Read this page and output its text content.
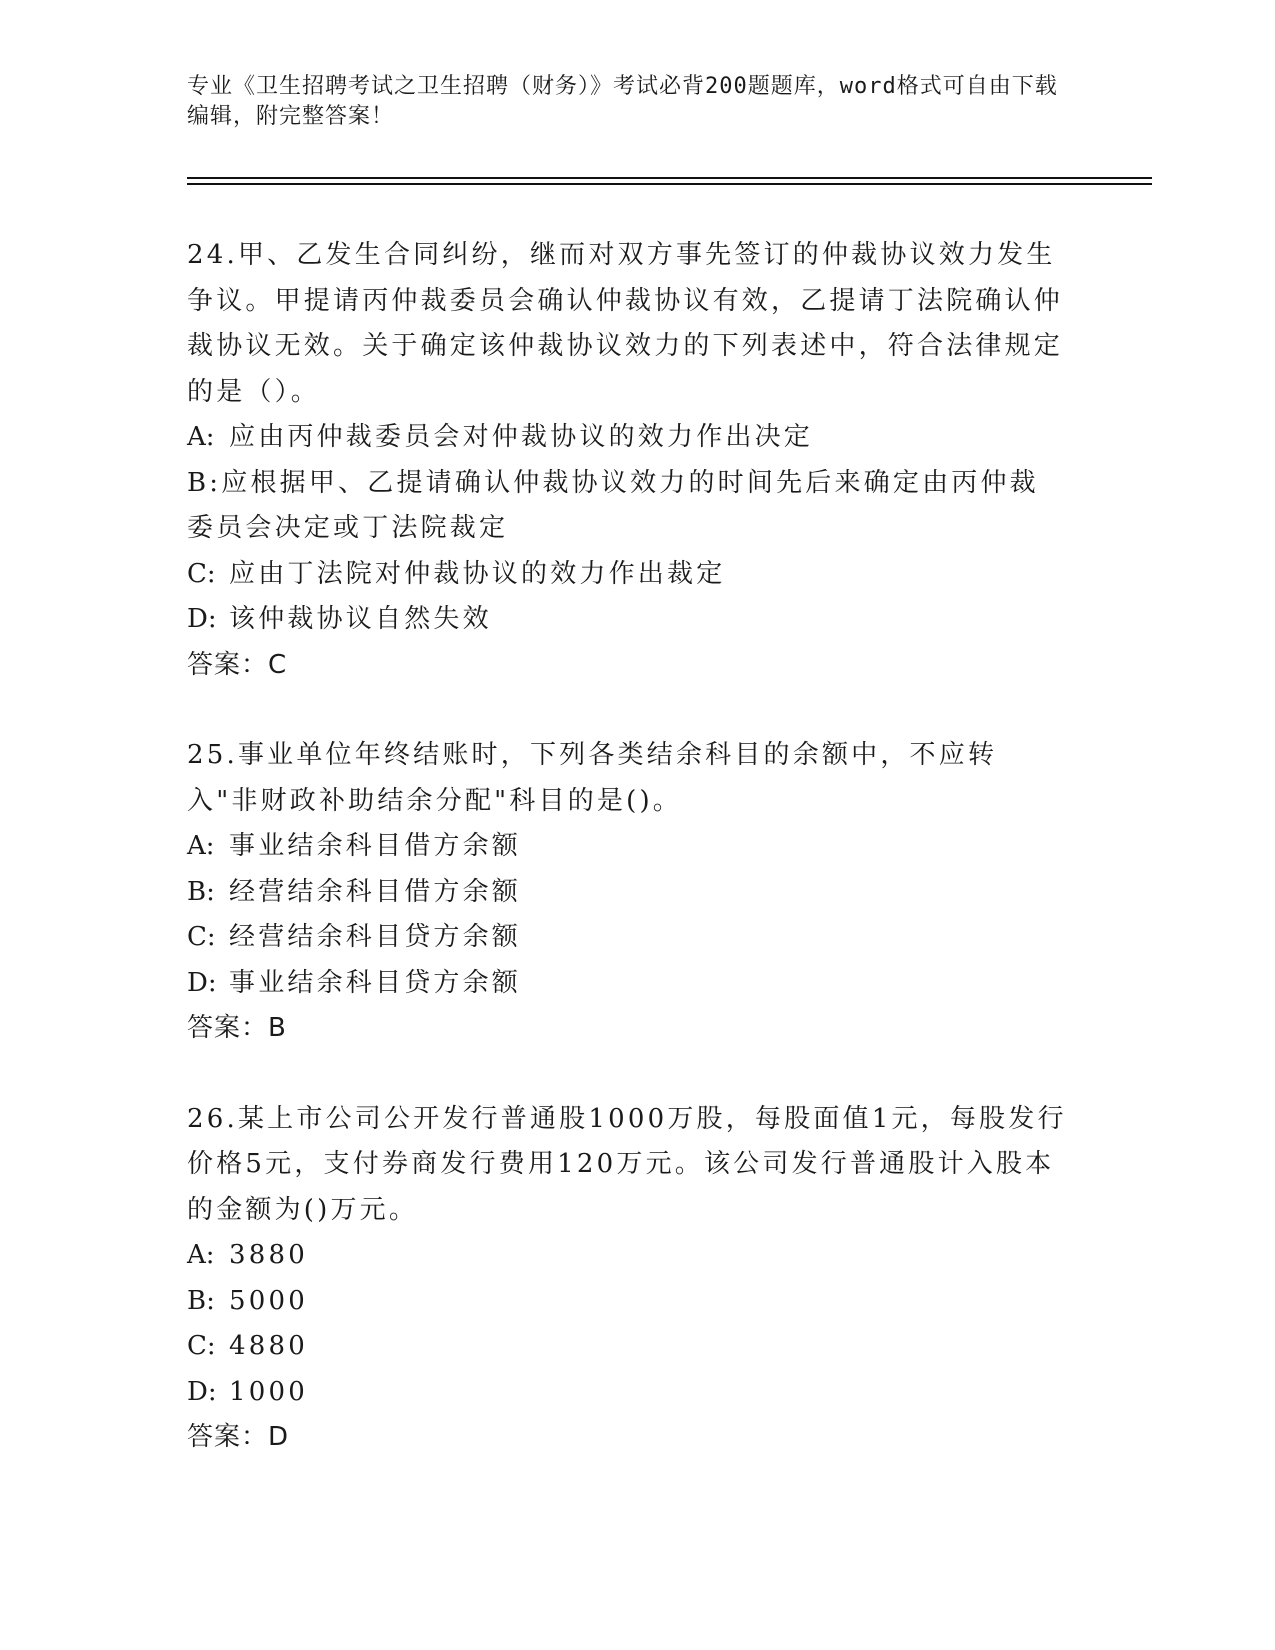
专业《卫生招聘考试之卫生招聘（财务）》考试必背200题题库，word格式可自由下载编辑，附完整答案！

24.甲、乙发生合同纠纷，继而对双方事先签订的仲裁协议效力发生争议。甲提请丙仲裁委员会确认仲裁协议有效，乙提请丁法院确认仲裁协议无效。关于确定该仲裁协议效力的下列表述中，符合法律规定的是（）。

A: 应由丙仲裁委员会对仲裁协议的效力作出决定

B:应根据甲、乙提请确认仲裁协议效力的时间先后来确定由丙仲裁委员会决定或丁法院裁定

C: 应由丁法院对仲裁协议的效力作出裁定

D: 该仲裁协议自然失效

答案：C

25.事业单位年终结账时，下列各类结余科目的余额中，不应转入"非财政补助结余分配"科目的是()。

A: 事业结余科目借方余额

B: 经营结余科目借方余额

C: 经营结余科目贷方余额

D: 事业结余科目贷方余额

答案：B

26.某上市公司公开发行普通股1000万股，每股面值1元，每股发行价格5元，支付券商发行费用120万元。该公司发行普通股计入股本的金额为()万元。

A: 3880

B: 5000

C: 4880

D: 1000

答案：D
